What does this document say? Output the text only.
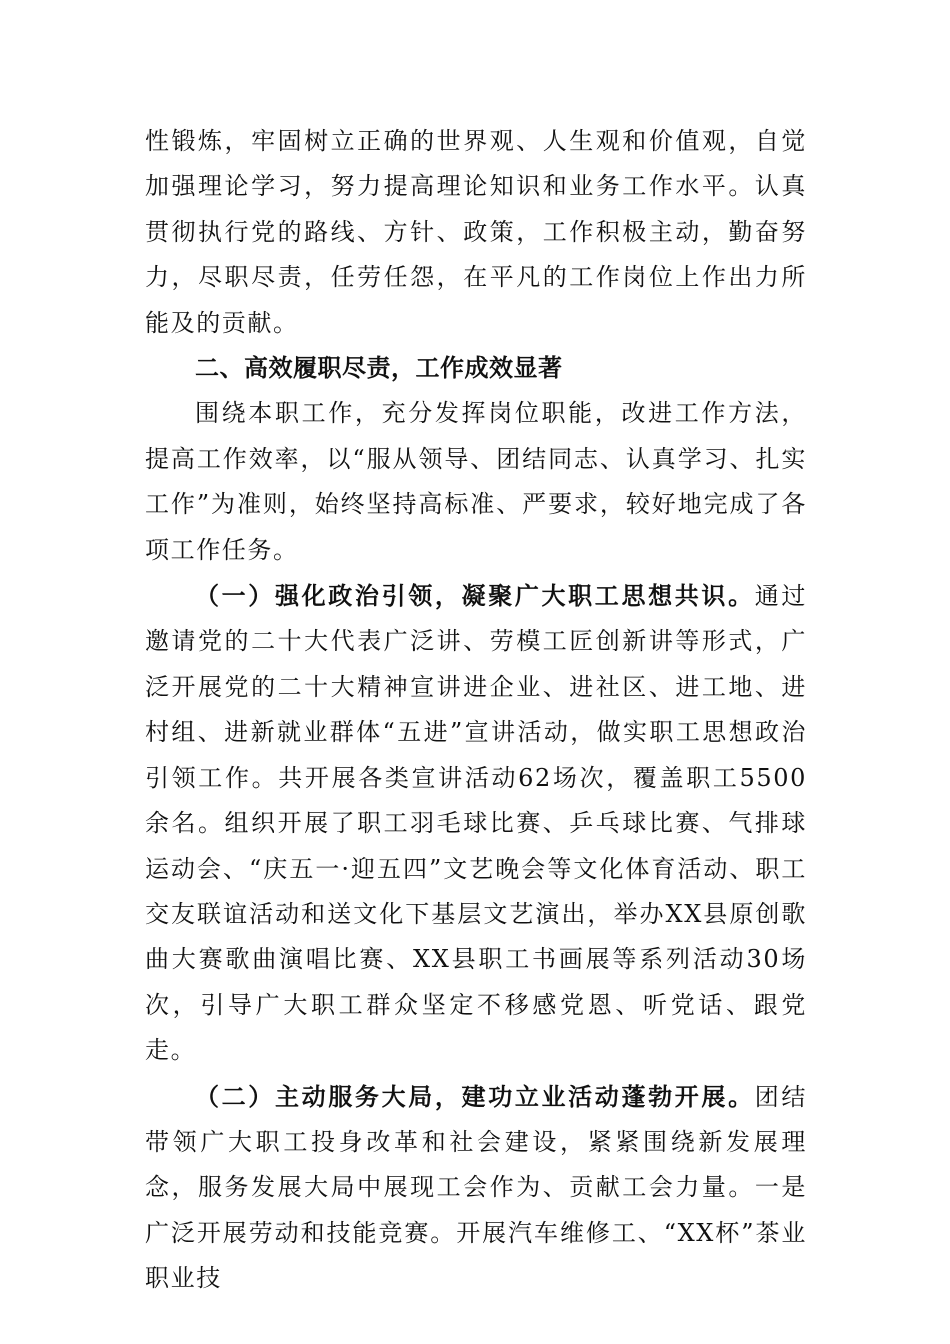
性锻炼，牢固树立正确的世界观、人生观和价值观，自觉加强理论学习，努力提高理论知识和业务工作水平。认真贯彻执行党的路线、方针、政策，工作积极主动，勤奋努力，尽职尽责，任劳任怨，在平凡的工作岗位上作出力所能及的贡献。

二、高效履职尽责，工作成效显著

围绕本职工作，充分发挥岗位职能，改进工作方法，提高工作效率，以“服从领导、团结同志、认真学习、扎实工作”为准则，始终坚持高标准、严要求，较好地完成了各项工作任务。

（一）强化政治引领，凝聚广大职工思想共识。通过邀请党的二十大代表广泛讲、劳模工匠创新讲等形式，广泛开展党的二十大精神宣讲进企业、进社区、进工地、进村组、进新就业群体“五进”宣讲活动，做实职工思想政治引领工作。共开展各类宣讲活动62场次，覆盖职工5500余名。组织开展了职工羽毛球比赛、乒乓球比赛、气排球运动会、“庆五一·迎五四”文艺晚会等文化体育活动、职工交友联谊活动和送文化下基层文艺演出，举办XX县原创歌曲大赛歌曲演唱比赛、XX县职工书画展等系列活动30场次，引导广大职工群众坚定不移感党恩、听党话、跟党走。

（二）主动服务大局，建功立业活动蓬勃开展。团结带领广大职工投身改革和社会建设，紧紧围绕新发展理念，服务发展大局中展现工会作为、贡献工会力量。一是广泛开展劳动和技能竞赛。开展汽车维修工、“XX杯”茶业职业技
